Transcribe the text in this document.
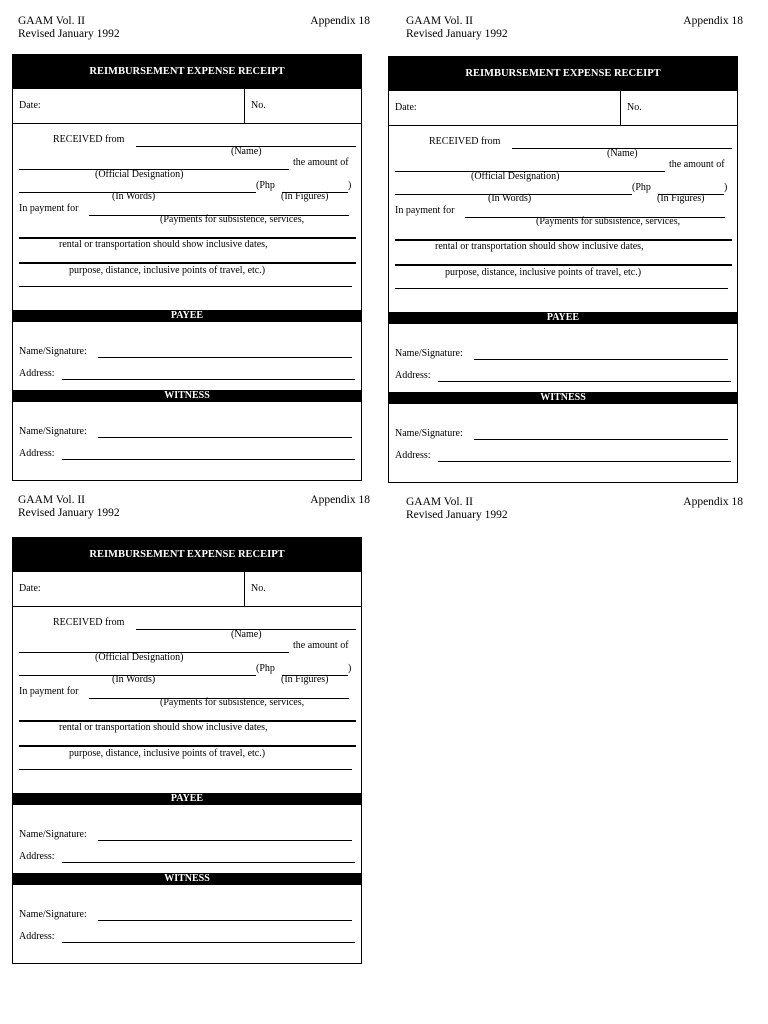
GAAM Vol. II
Revised January 1992
Appendix 18	GAAM Vol. II
Revised January 1992
Appendix 18
GAAM Vol. II
Revised January 1992
Appendix 18	GAAM Vol. II
Revised January 1992
Appendix 18
REIMBURSEMENT EXPENSE RECEIPT
Date:	No.
RECEIVED from
(Name)
the amount of
(Official Designation)
(Php	)
(In Words)	(In Figures)
In payment for
(Payments for subsistence, services,
rental or transportation should show inclusive dates,
purpose, distance, inclusive points of travel, etc.)
PAYEE
Name/Signature:
Address:
WITNESS
Name/Signature:
Address:
REIMBURSEMENT EXPENSE RECEIPT
Date:	No.
RECEIVED from
(Name)
the amount of
(Official Designation)
(Php	)
(In Words)	(In Figures)
In payment for
(Payments for subsistence, services,
rental or transportation should show inclusive dates,
purpose, distance, inclusive points of travel, etc.)
PAYEE
Name/Signature:
Address:
WITNESS
Name/Signature:
Address:
REIMBURSEMENT EXPENSE RECEIPT
Date:	No.
RECEIVED from
(Name)
the amount of
(Official Designation)
(Php	)
(In Words)	(In Figures)
In payment for
(Payments for subsistence, services,
rental or transportation should show inclusive dates,
purpose, distance, inclusive points of travel, etc.)
PAYEE
Name/Signature:
Address:
WITNESS
Name/Signature:
Address:
